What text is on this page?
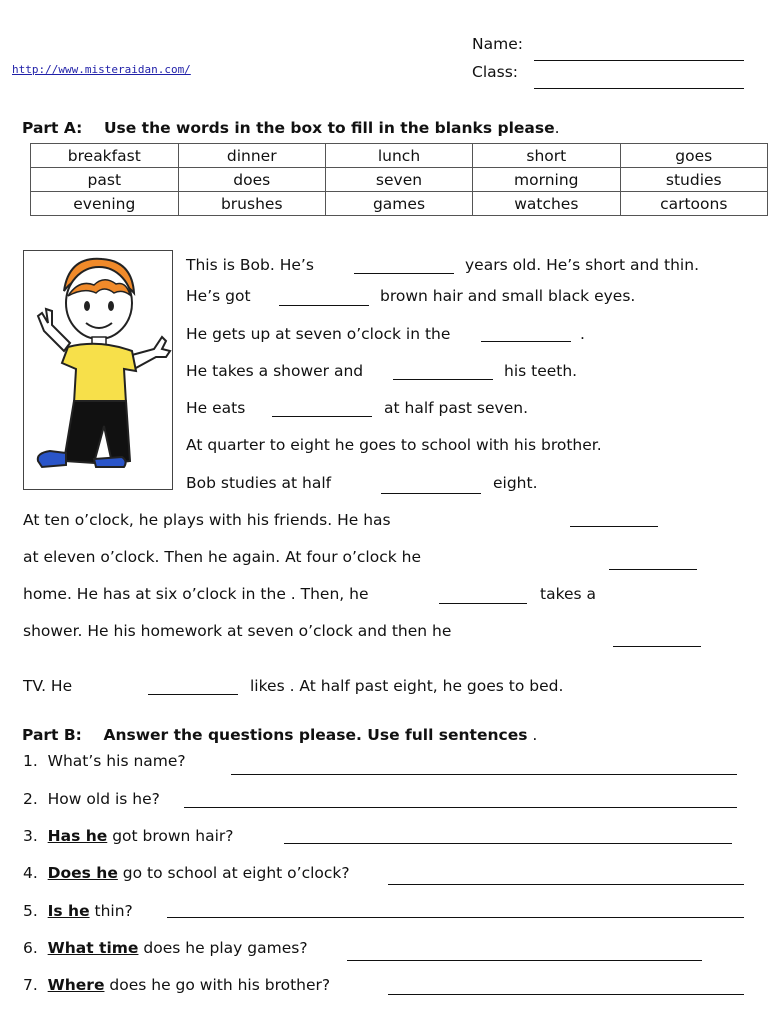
Name:
Class:
http://www.misteraidan.com/
Part A: Use the words in the box to fill in the blanks please.
breakfast	dinner	lunch	short	goes
past	does	seven	morning	studies
evening	brushes	games	watches	cartoons
This is Bob. He’s	years old. He’s short and thin.
He’s got	brown hair and small black eyes.
He gets up at seven o’clock in the	.
He takes a shower and	his teeth.
He eats	at half past seven.
At quarter to eight he goes to school with his brother.
Bob studies at half	eight.
At ten o’clock, he plays with his friends. He has
at eleven o’clock. Then he again. At four o’clock he
home. He has at six o’clock in the . Then, he	takes a
shower. He his homework at seven o’clock and then he
TV. He	likes . At half past eight, he goes to bed.
Part B: Answer the questions please. Use full sentences .
1. What’s his name?
2. How old is he?
3. Has he got brown hair?
4. Does he go to school at eight o’clock?
5. Is he thin?
6. What time does he play games?
7. Where does he go with his brother?
